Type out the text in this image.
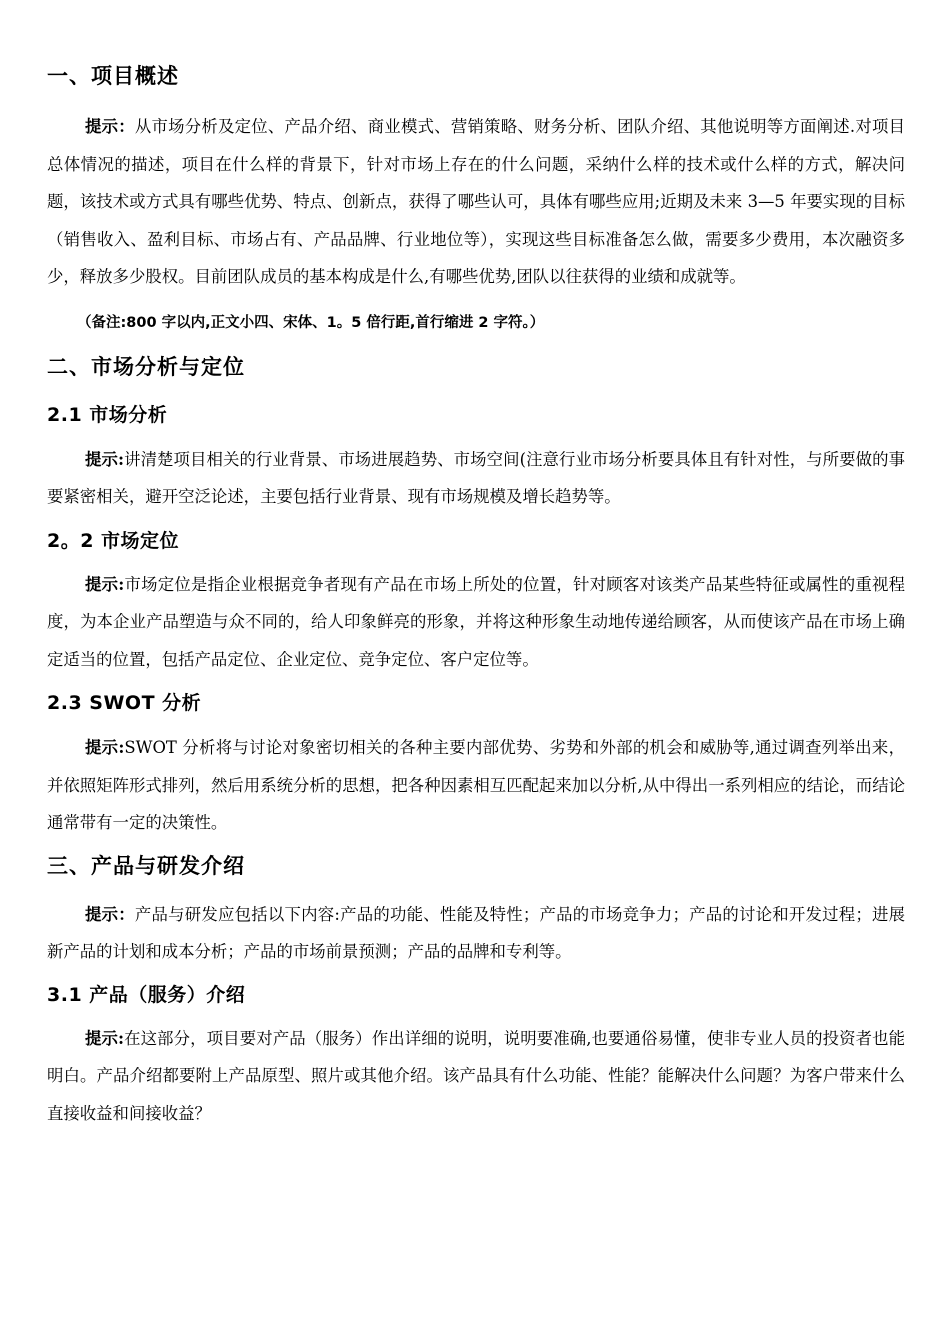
一、项目概述

提示：从市场分析及定位、产品介绍、商业模式、营销策略、财务分析、团队介绍、其他说明等方面阐述.对项目总体情况的描述，项目在什么样的背景下，针对市场上存在的什么问题，采纳什么样的技术或什么样的方式，解决问题，该技术或方式具有哪些优势、特点、创新点，获得了哪些认可，具体有哪些应用;近期及未来 3—5 年要实现的目标（销售收入、盈利目标、市场占有、产品品牌、行业地位等），实现这些目标准备怎么做，需要多少费用，本次融资多少，释放多少股权。目前团队成员的基本构成是什么,有哪些优势,团队以往获得的业绩和成就等。

（备注:800 字以内,正文小四、宋体、1。5 倍行距,首行缩进 2 字符。）

二、市场分析与定位
2.1 市场分析

提示:讲清楚项目相关的行业背景、市场进展趋势、市场空间(注意行业市场分析要具体且有针对性，与所要做的事要紧密相关，避开空泛论述，主要包括行业背景、现有市场规模及增长趋势等。

2。2 市场定位

提示:市场定位是指企业根据竞争者现有产品在市场上所处的位置，针对顾客对该类产品某些特征或属性的重视程度，为本企业产品塑造与众不同的，给人印象鲜亮的形象，并将这种形象生动地传递给顾客，从而使该产品在市场上确定适当的位置，包括产品定位、企业定位、竞争定位、客户定位等。

2.3 SWOT 分析

提示:SWOT 分析将与讨论对象密切相关的各种主要内部优势、劣势和外部的机会和威胁等,通过调查列举出来，并依照矩阵形式排列，然后用系统分析的思想，把各种因素相互匹配起来加以分析,从中得出一系列相应的结论，而结论通常带有一定的决策性。

三、产品与研发介绍

提示：产品与研发应包括以下内容:产品的功能、性能及特性；产品的市场竞争力；产品的讨论和开发过程；进展新产品的计划和成本分析；产品的市场前景预测；产品的品牌和专利等。

3.1 产品（服务）介绍

提示:在这部分，项目要对产品（服务）作出详细的说明，说明要准确,也要通俗易懂，使非专业人员的投资者也能明白。产品介绍都要附上产品原型、照片或其他介绍。该产品具有什么功能、性能？能解决什么问题？为客户带来什么直接收益和间接收益？
